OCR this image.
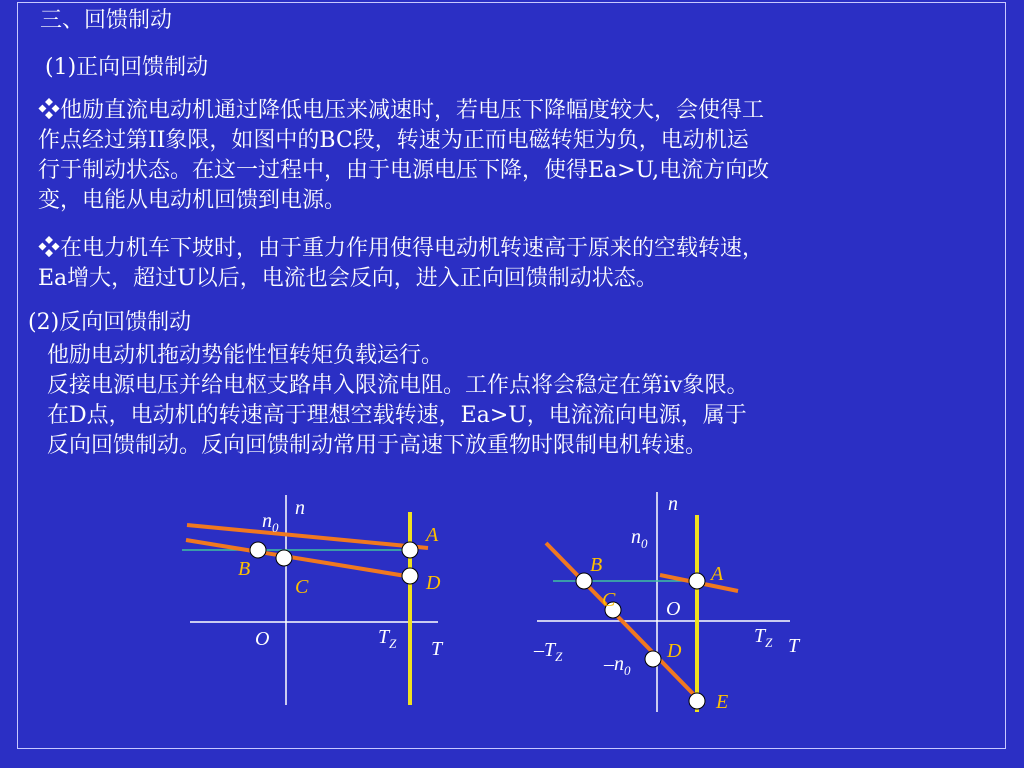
三、回馈制动
(1)正向回馈制动
❖他励直流电动机通过降低电压来减速时，若电压下降幅度较大，会使得工
作点经过第II象限，如图中的BC段，转速为正而电磁转矩为负，电动机运
行于制动状态。在这一过程中，由于电源电压下降，使得Ea>U,电流方向改
变，电能从电动机回馈到电源。
❖在电力机车下坡时，由于重力作用使得电动机转速高于原来的空载转速，
Ea增大，超过U以后，电流也会反向，进入正向回馈制动状态。
(2)反向回馈制动
他励电动机拖动势能性恒转矩负载运行。
反接电源电压并给电枢支路串入限流电阻。工作点将会稳定在第iv象限。
在D点，电动机的转速高于理想空载转速，Ea>U，电流流向电源，属于
反向回馈制动。反向回馈制动常用于高速下放重物时限制电机转速。
n
$n_0$	A
B
C	D
O	$T_Z$ T
n
$n_0$
A
B
C	O
D
E
$T_Z$ T
$-T_Z$ $-n_0$
